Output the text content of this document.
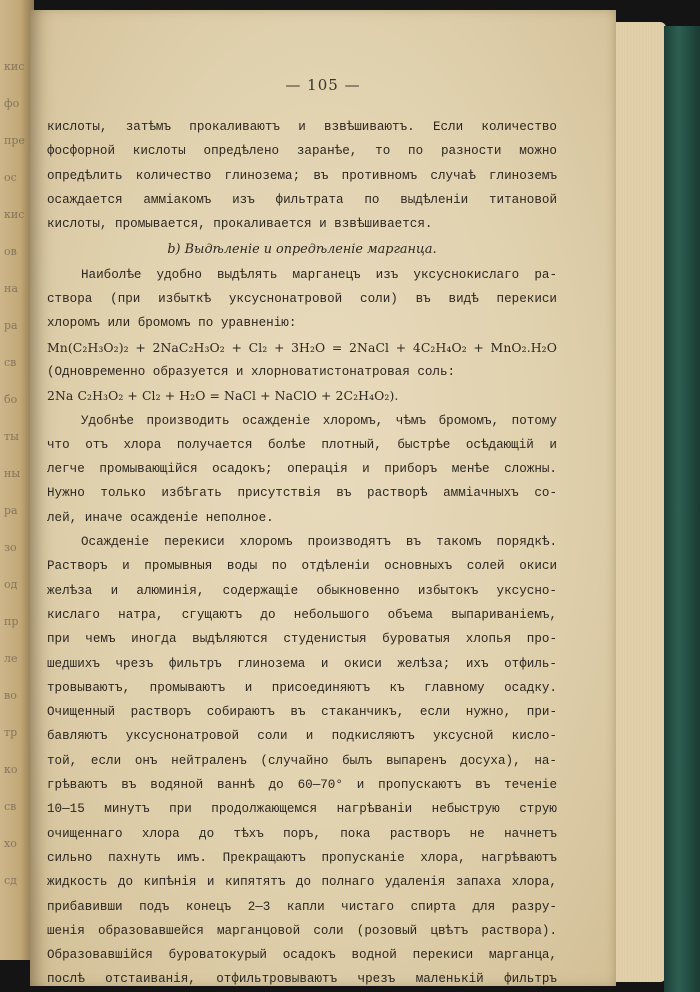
кис
фо
пре
ос
кис
ов
на
ра
св
бо
ты
ны
ра
зо
од
пр
ле
во
тр
ко
св
хо
сд
— 105 —
кислоты, затѣмъ прокаливаютъ и взвѣшиваютъ. Если количество
фосфорной кислоты опредѣлено заранѣе, то по разности можно
опредѣлить количество глинозема; въ противномъ случаѣ глиноземъ
осаждается аммiакомъ изъ фильтрата по выдѣленiи титановой
кислоты, промывается, прокаливается и взвѣшивается.
b) Выдѣленiе и опредѣленiе марганца.
Наиболѣе удобно выдѣлять марганецъ изъ уксуснокислаго ра-
створа (при избыткѣ уксуснонатровой соли) въ видѣ перекиси
хлоромъ или бромомъ по уравненiю:
Mn(C₂H₃O₂)₂ + 2NaC₂H₃O₂ + Cl₂ + 3H₂O = 2NaCl + 4C₂H₄O₂ + MnO₂.H₂O
(Одновременно образуется и хлорноватистонатровая соль:
2Na C₂H₃O₂ + Cl₂ + H₂O = NaCl + NaClO + 2C₂H₄O₂).
Удобнѣе производить осажденiе хлоромъ, чѣмъ бромомъ, потому
что отъ хлора получается болѣе плотный, быстрѣе осѣдающiй и
легче промывающiйся осадокъ; операцiя и приборъ менѣе сложны.
Нужно только избѣгать присутствiя въ растворѣ аммiачныхъ со-
лей, иначе осажденiе неполное.
Осажденiе перекиси хлоромъ производятъ въ такомъ порядкѣ.
Растворъ и промывныя воды по отдѣленiи основныхъ солей окиси
желѣза и алюминiя, содержащiе обыкновенно избытокъ уксусно-
кислаго натра, сгущаютъ до небольшого объема выпариванiемъ,
при чемъ иногда выдѣляются студенистыя буроватыя хлопья про-
шедшихъ чрезъ фильтръ глинозема и окиси желѣза; ихъ отфиль-
тровываютъ, промываютъ и присоединяютъ къ главному осадку.
Очищенный растворъ собираютъ въ стаканчикъ, если нужно, при-
бавляютъ уксуснонатровой соли и подкисляютъ уксусной кисло-
той, если онъ нейтраленъ (случайно былъ выпаренъ досуха), на-
грѣваютъ въ водяной ваннѣ до 60—70° и пропускаютъ въ теченiе
10—15 минутъ при продолжающемся нагрѣванiи небыструю струю
очищеннаго хлора до тѣхъ поръ, пока растворъ не начнетъ
сильно пахнуть имъ. Прекращаютъ пропусканiе хлора, нагрѣваютъ
жидкость до кипѣнiя и кипятятъ до полнаго удаленiя запаха хлора,
прибавивши подъ конецъ 2—3 капли чистаго спирта для разру-
шенiя образовавшейся марганцовой соли (розовый цвѣтъ раствора).
Образовавшiйся буроватокурый осадокъ водной перекиси марганца,
послѣ отстаиванiя, отфильтровываютъ чрезъ маленькiй фильтръ
